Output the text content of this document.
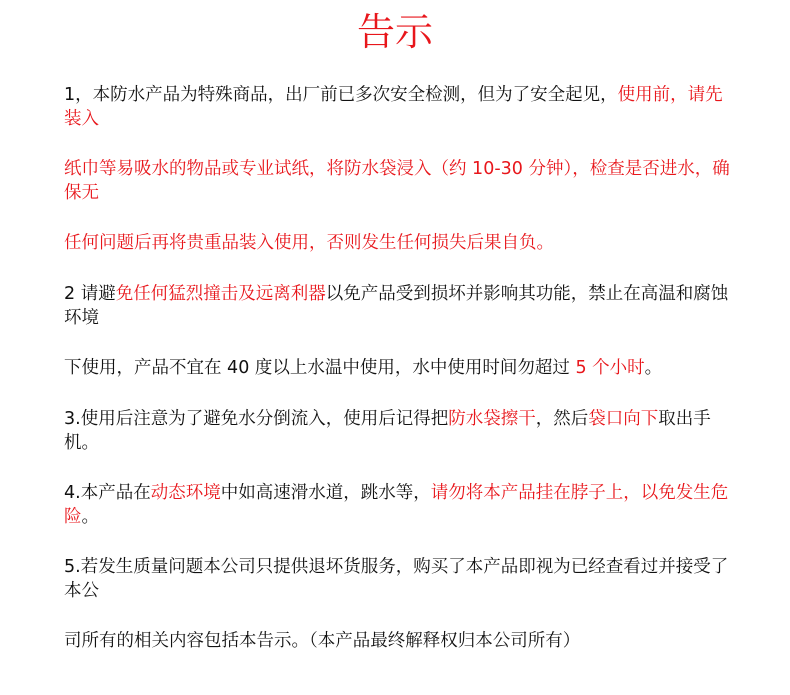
告示

1，本防水产品为特殊商品，出厂前已多次安全检测，但为了安全起见，使用前，请先装入

纸巾等易吸水的物品或专业试纸，将防水袋浸入（约 10-30 分钟），检查是否进水，确保无

任何问题后再将贵重品装入使用，否则发生任何损失后果自负。

2 请避免任何猛烈撞击及远离利器以免产品受到损坏并影响其功能，禁止在高温和腐蚀环境

下使用，产品不宜在 40 度以上水温中使用，水中使用时间勿超过 5 个小时。

3.使用后注意为了避免水分倒流入，使用后记得把防水袋擦干，然后袋口向下取出手机。

4.本产品在动态环境中如高速滑水道，跳水等，请勿将本产品挂在脖子上，以免发生危险。

5.若发生质量问题本公司只提供退坏货服务，购买了本产品即视为已经查看过并接受了本公

司所有的相关内容包括本告示。（本产品最终解释权归本公司所有）
